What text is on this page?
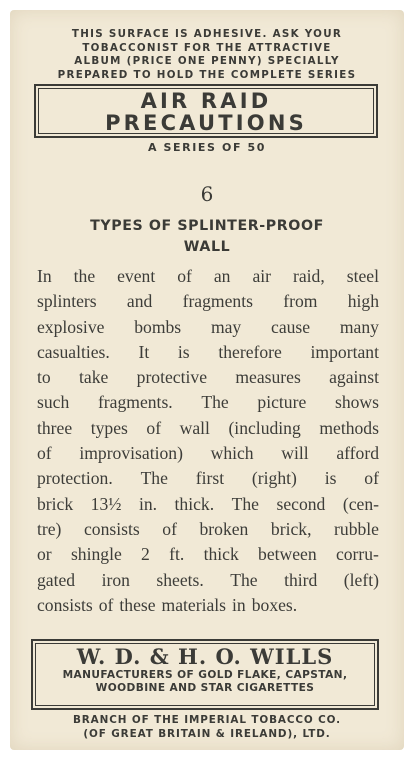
THIS SURFACE IS ADHESIVE. ASK YOUR
TOBACCONIST FOR THE ATTRACTIVE
ALBUM (PRICE ONE PENNY) SPECIALLY
PREPARED TO HOLD THE COMPLETE SERIES
AIR RAID
PRECAUTIONS
A SERIES OF 50
6
TYPES OF SPLINTER-PROOF
WALL
In the event of an air raid, steel
splinters and fragments from high
explosive bombs may cause many
casualties. It is therefore important
to take protective measures against
such fragments. The picture shows
three types of wall (including methods
of improvisation) which will afford
protection. The first (right) is of
brick 13½ in. thick. The second (cen-
tre) consists of broken brick, rubble
or shingle 2 ft. thick between corru-
gated iron sheets. The third (left)
consists of these materials in boxes.
W. D. & H. O. WILLS
MANUFACTURERS OF GOLD FLAKE, CAPSTAN,
WOODBINE AND STAR CIGARETTES
BRANCH OF THE IMPERIAL TOBACCO CO.
(OF GREAT BRITAIN & IRELAND), LTD.
